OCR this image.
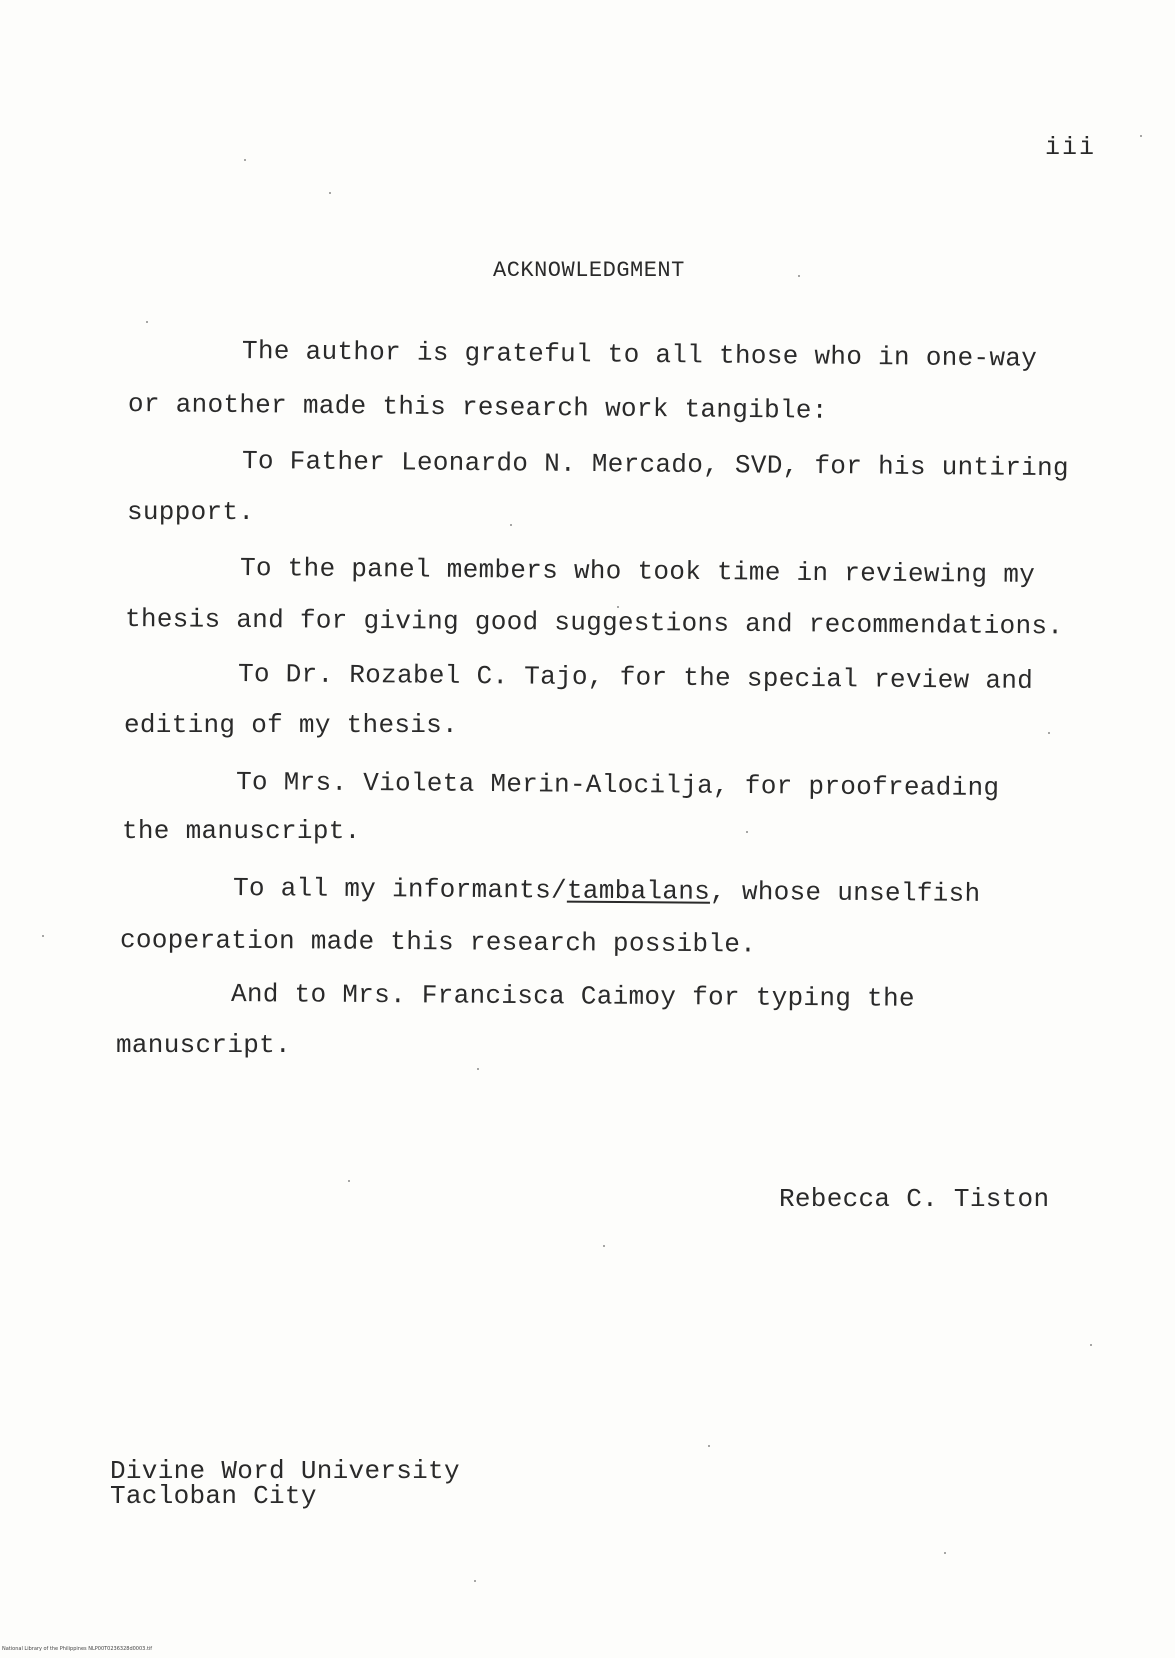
iii
ACKNOWLEDGMENT
The author is grateful to all those who in one-way
or another made this research work tangible:
To Father Leonardo N. Mercado, SVD, for his untiring
support.
To the panel members who took time in reviewing my
thesis and for giving good suggestions and recommendations.
To Dr. Rozabel C. Tajo, for the special review and
editing of my thesis.
To Mrs. Violeta Merin-Alocilja, for proofreading
the manuscript.
To all my informants/tambalans, whose unselfish
cooperation made this research possible.
And to Mrs. Francisca Caimoy for typing the
manuscript.
Rebecca C. Tiston
Divine Word University
Tacloban City
National Library of the Philippines NLP00T0236328d0003.tif
